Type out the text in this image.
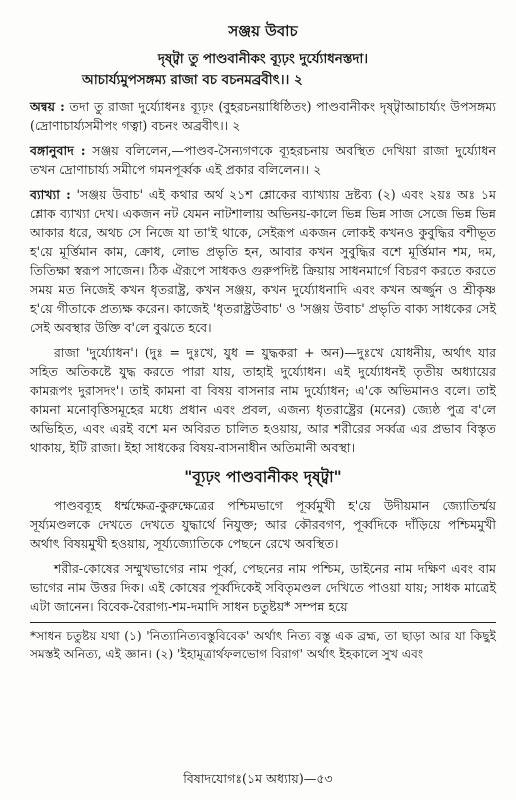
সঞ্জয় উবাচ
দৃষ্ট্বা তু পাণ্ডবানীকং ব্যূঢ়ং দুর্য্যোধনস্তদা।
আচার্য্যমুপসঙ্গম্য রাজা বচ বচনমব্রবীৎ।। ২

অন্বয় : তদা তু রাজা দুর্য্যোধনঃ ব্যূঢ়ং (বুহরচনয়াধিষ্ঠিতং) পাণ্ডবানীকং দৃষ্ট্বাআচার্য্যং উপসঙ্গম্য (দ্রোণাচার্য্যসমীপং গত্বা) বচনং অব্রবীৎ।। ২

বঙ্গানুবাদ : সঞ্জয় বলিলেন,—পাণ্ডব-সৈন্যগণকে ব্যূহরচনায় অবস্থিত দেখিয়া রাজা দুর্য্যোধন তখন দ্রোণাচার্য্য সমীপে গমনপূর্ব্বক এই প্রকার বলিলেন।। ২

ব্যাখ্যা : 'সঞ্জয় উবাচ' এই কথার অর্থ ২১শ শ্লোকের ব্যাখ্যায় দ্রষ্টব্য (২) এবং ২য়ঃ অঃ ১ম শ্লোক ব্যাখ্যা দেখ। একজন নট যেমন নাটশালায় অভিনয়-কালে ভিন্ন ভিন্ন সাজ সেজে ভিন্ন ভিন্ন আকার ধরে, অথচ সে নিজে যা তা'ই থাকে, সেইরূপ একজন লোকই কখনও কুবুদ্ধির বশীভূত হ'য়ে মূর্ত্তিমান কাম, ক্রোধ, লোভ প্রভৃতি হন, আবার কখন সুবুদ্ধির বশে মূর্ত্তিমান শম, দম, তিতিক্ষা স্বরূপ সাজেন। ঠিক ঐরূপে সাধকও গুরুপদিষ্ট ক্রিয়ায় সাধনমার্গে বিচরণ করতে করতে সময় মত নিজেই কখন ধৃতরাষ্ট্র, কখন সঞ্জয়, কখন দুর্য্যোধনাদি এবং কখন অর্জ্জুন ও শ্রীকৃষ্ণ হ'য়ে গীতাকে প্রত্যক্ষ করেন। কাজেই 'ধৃতরাষ্ট্রউবাচ' ও 'সঞ্জয় উবাচ' প্রভৃতি বাক্য সাধকের সেই সেই অবস্থার উক্তি ব'লে বুঝতে হবে।

রাজা 'দুর্য্যোধন'। (দুঃ = দুঃখে, যুধ = যুদ্ধকরা + অন)—দুঃখে যোধনীয়, অর্থাৎ যার সহিত অতিকষ্টে যুদ্ধ করতে পারা যায়, তাহাই দুর্য্যোধন। এই দুর্য্যোধনই তৃতীয় অধ্যায়ের কামরূপং দুরাসদং'। তাই কামনা বা বিষয় বাসনার নাম দুর্য্যোধন; এ'কে অভিমানও বলে। তাই কামনা মনোবৃত্তিসমূহের মধ্যে প্রধান এবং প্রবল, এজন্য ধৃতরাষ্ট্রের (মনের) জ্যেষ্ঠ পুত্র ব'লে অভিহিত, এবং এরই বশে মন অবিরত চালিত হওয়ায়, আর শরীরের সর্ব্বত্র এর প্রভাব বিস্তৃত থাকায়, ইটি রাজা। ইহা সাধকের বিষয়-বাসনাধীন অতিমানী অবস্থা।

"ব্যূঢ়ং পাণ্ডবানীকং দৃষ্ট্বা"

পাণ্ডবব্যূহ ধর্ম্মক্ষেত্র-কুরুক্ষেত্রের পশ্চিমভাগে পূর্ব্বমুখী হ'য়ে উদীয়মান জ্যোতির্ম্ময় সূর্য্যমণ্ডলকে দেখতে দেখতে যুদ্ধার্থে নিযুক্ত; আর কৌরবগণ, পূর্ব্বদিকে দাঁড়িয়ে পশ্চিমমুখী অর্থাৎ বিষয়মুখী হওয়ায়, সূর্য্যজ্যোতিকে পেছনে রেখে অবস্থিত।

শরীর-কোষের সম্মুখভাগের নাম পূর্ব্ব, পেছনের নাম পশ্চিম, ডাইনের নাম দক্ষিণ এবং বাম ভাগের নাম উত্তর দিক। এই কোষের পূর্ব্বদিকেই সবিতৃমণ্ডল দেখিতে পাওয়া যায়; সাধক মাত্রেই এটা জানেন। বিবেক-বৈরাগ্য-শম-দমাদি সাধন চতুষ্টয়* সম্পন্ন হয়ে

*সাধন চতুষ্টয় যথা (১) 'নিত্যানিত্যবস্তুবিবেক' অর্থাৎ নিত্য বস্তু এক ব্রহ্ম, তা ছাড়া আর যা কিছুই সমস্তই অনিত্য, এই জ্ঞান। (২) 'ইহামূত্রার্থফলভোগ বিরাগ' অর্থাৎ ইহকালে সুখ এবং
বিষাদযোগঃ(১ম অধ্যায়)—৫৩
